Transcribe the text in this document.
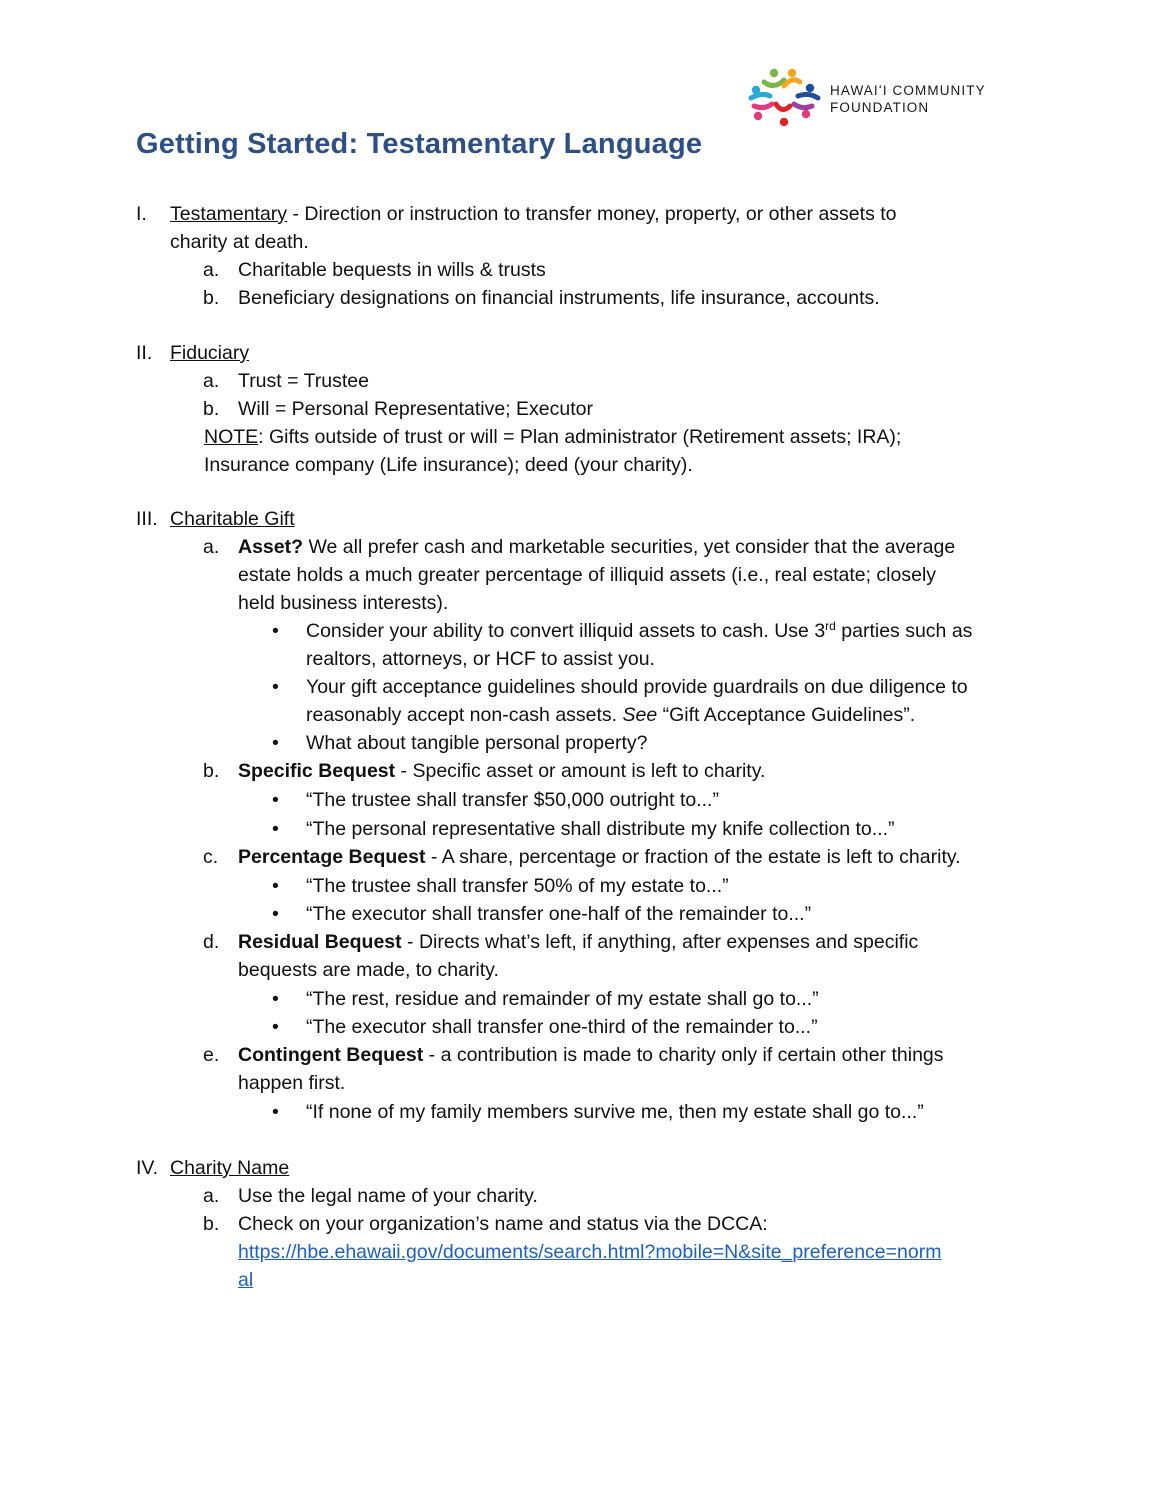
HAWAIʻI COMMUNITY
FOUNDATION
Getting Started: Testamentary Language
I. Testamentary - Direction or instruction to transfer money, property, or other assets to
charity at death.
a. Charitable bequests in wills & trusts
b. Beneficiary designations on financial instruments, life insurance, accounts.
II. Fiduciary
a. Trust = Trustee
b. Will = Personal Representative; Executor
NOTE: Gifts outside of trust or will = Plan administrator (Retirement assets; IRA);
Insurance company (Life insurance); deed (your charity).
III. Charitable Gift
a. Asset? We all prefer cash and marketable securities, yet consider that the average
estate holds a much greater percentage of illiquid assets (i.e., real estate; closely
held business interests).
• Consider your ability to convert illiquid assets to cash. Use 3rd parties such as
realtors, attorneys, or HCF to assist you.
• Your gift acceptance guidelines should provide guardrails on due diligence to
reasonably accept non-cash assets. See “Gift Acceptance Guidelines”.
• What about tangible personal property?
b. Specific Bequest - Specific asset or amount is left to charity.
• “The trustee shall transfer $50,000 outright to...”
• “The personal representative shall distribute my knife collection to...”
c. Percentage Bequest - A share, percentage or fraction of the estate is left to charity.
• “The trustee shall transfer 50% of my estate to...”
• “The executor shall transfer one-half of the remainder to...”
d. Residual Bequest - Directs what’s left, if anything, after expenses and specific
bequests are made, to charity.
• “The rest, residue and remainder of my estate shall go to...”
• “The executor shall transfer one-third of the remainder to...”
e. Contingent Bequest - a contribution is made to charity only if certain other things
happen first.
• “If none of my family members survive me, then my estate shall go to...”
IV. Charity Name
a. Use the legal name of your charity.
b. Check on your organization’s name and status via the DCCA:
https://hbe.ehawaii.gov/documents/search.html?mobile=N&site_preference=norm
al
